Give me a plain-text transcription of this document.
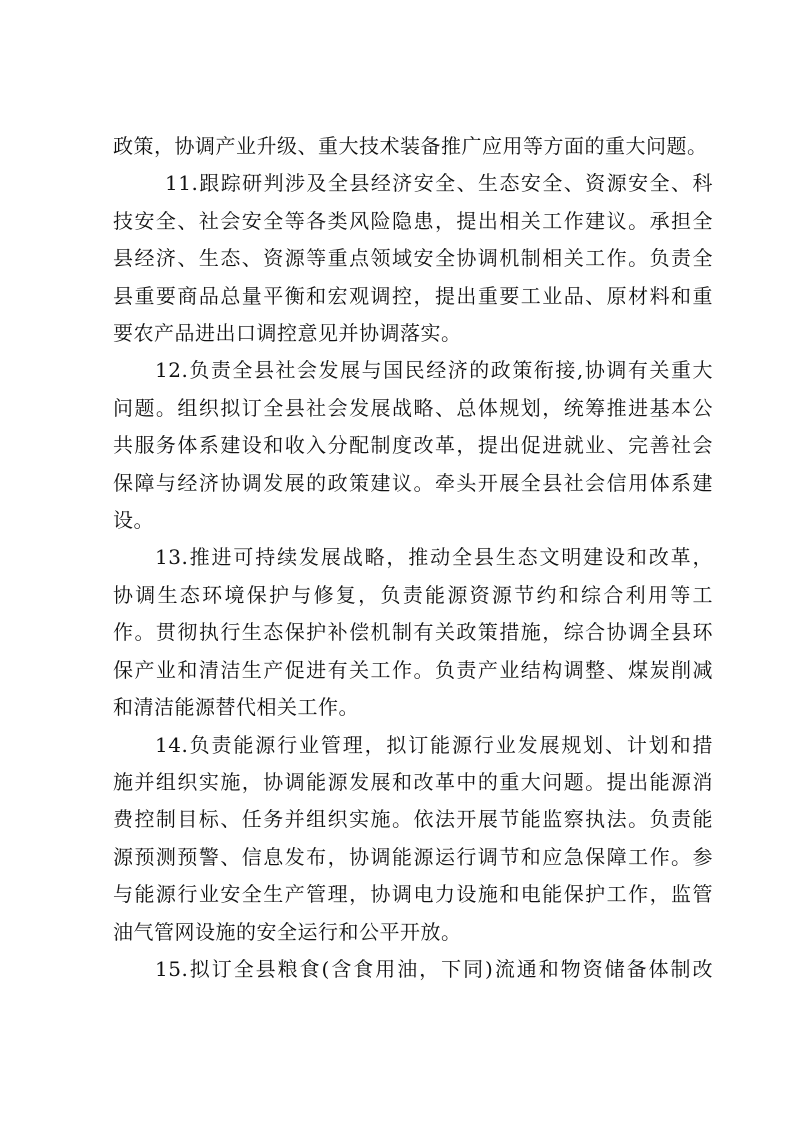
政策，协调产业升级、重大技术装备推广应用等方面的重大问题。
11.跟踪研判涉及全县经济安全、生态安全、资源安全、科
技安全、社会安全等各类风险隐患，提出相关工作建议。承担全
县经济、生态、资源等重点领域安全协调机制相关工作。负责全
县重要商品总量平衡和宏观调控，提出重要工业品、原材料和重
要农产品进出口调控意见并协调落实。
12.负责全县社会发展与国民经济的政策衔接,协调有关重大
问题。组织拟订全县社会发展战略、总体规划，统筹推进基本公
共服务体系建设和收入分配制度改革，提出促进就业、完善社会
保障与经济协调发展的政策建议。牵头开展全县社会信用体系建
设。
13.推进可持续发展战略，推动全县生态文明建设和改革，
协调生态环境保护与修复，负责能源资源节约和综合利用等工
作。贯彻执行生态保护补偿机制有关政策措施，综合协调全县环
保产业和清洁生产促进有关工作。负责产业结构调整、煤炭削减
和清洁能源替代相关工作。
14.负责能源行业管理，拟订能源行业发展规划、计划和措
施并组织实施，协调能源发展和改革中的重大问题。提出能源消
费控制目标、任务并组织实施。依法开展节能监察执法。负责能
源预测预警、信息发布，协调能源运行调节和应急保障工作。参
与能源行业安全生产管理，协调电力设施和电能保护工作，监管
油气管网设施的安全运行和公平开放。
15.拟订全县粮食(含食用油，下同)流通和物资储备体制改
